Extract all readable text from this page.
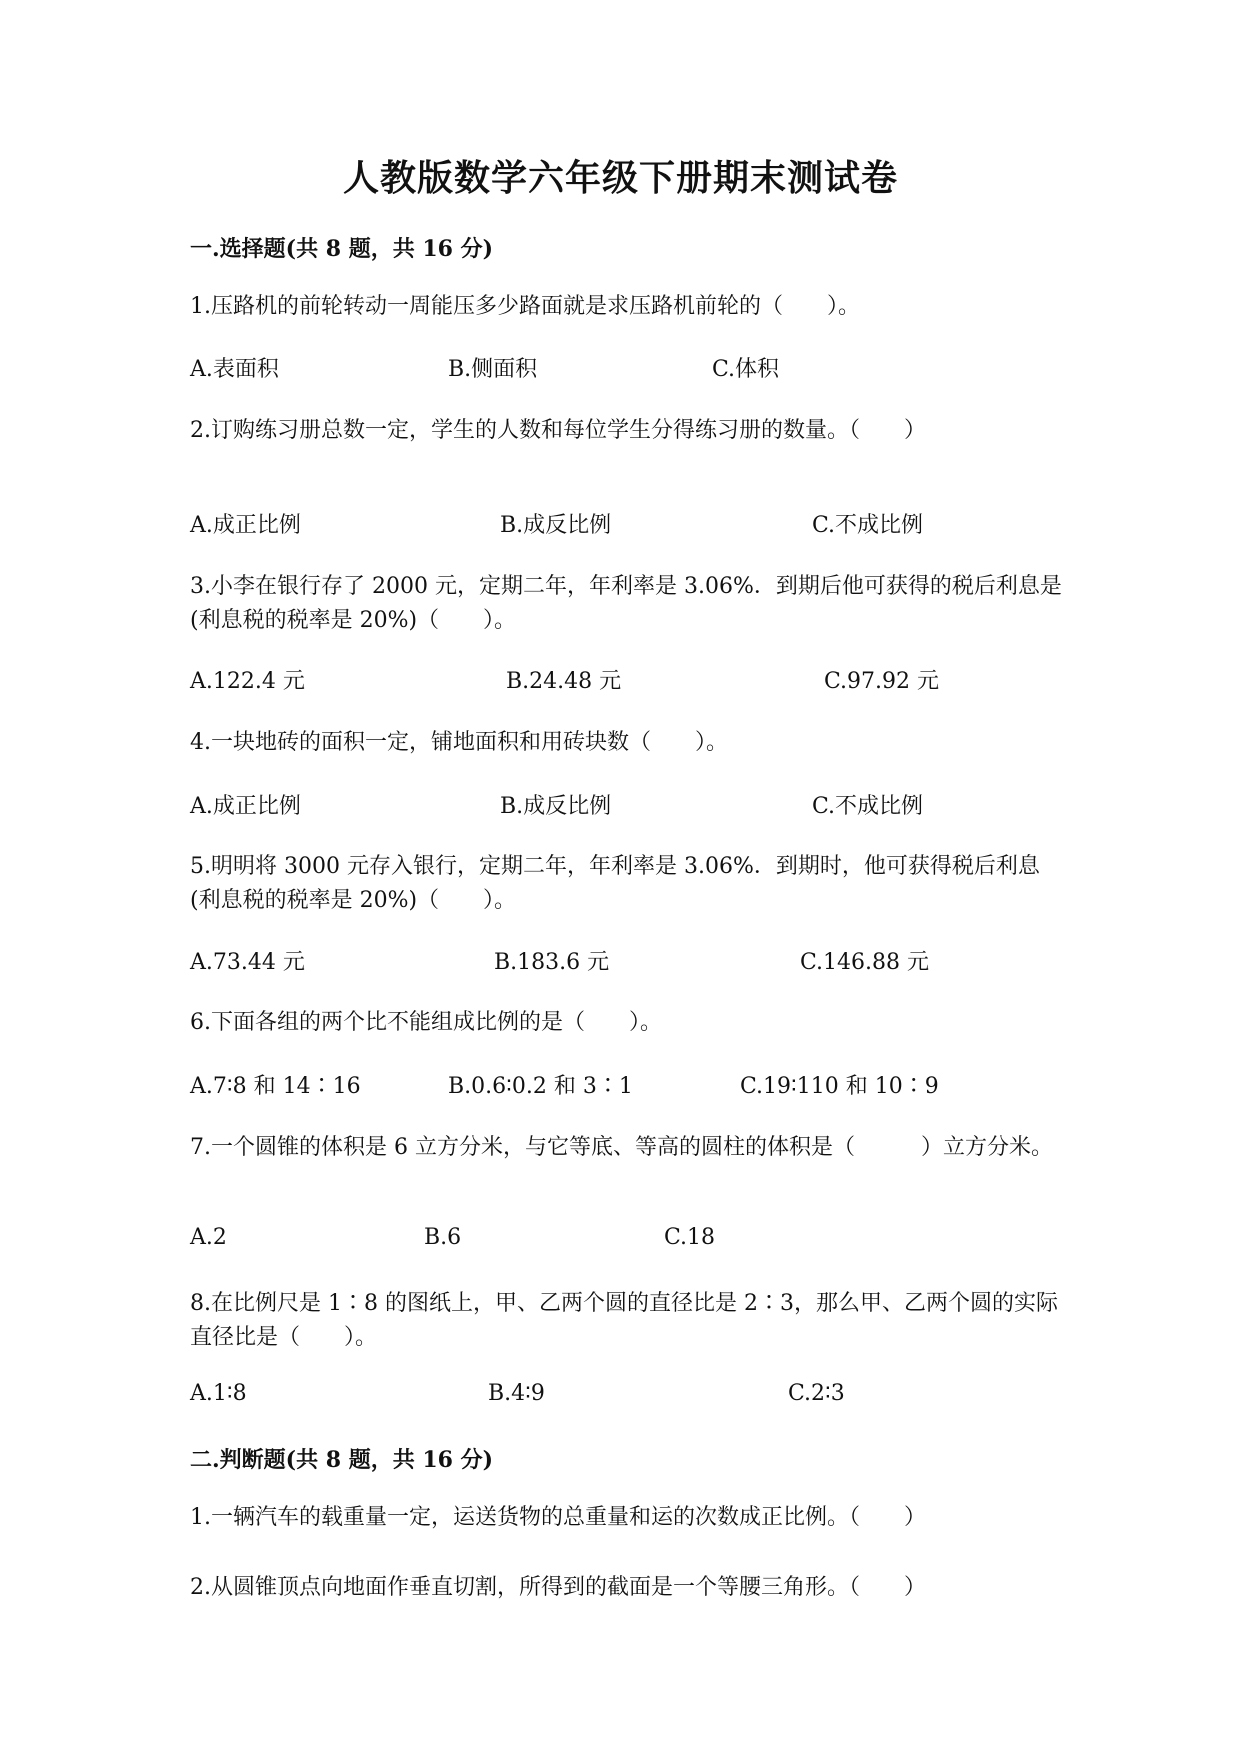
人教版数学六年级下册期末测试卷
一.选择题(共 8 题，共 16 分)
1.压路机的前轮转动一周能压多少路面就是求压路机前轮的（　　）。
A.表面积	B.侧面积	C.体积
2.订购练习册总数一定，学生的人数和每位学生分得练习册的数量。（　　）
A.成正比例	B.成反比例	C.不成比例
3.小李在银行存了 2000 元，定期二年，年利率是 3.06%．到期后他可获得的税后利息是(利息税的税率是 20%)（　　）。
A.122.4 元	B.24.48 元	C.97.92 元
4.一块地砖的面积一定，铺地面积和用砖块数（　　）。
A.成正比例	B.成反比例	C.不成比例
5.明明将 3000 元存入银行，定期二年，年利率是 3.06%．到期时，他可获得税后利息(利息税的税率是 20%)（　　）。
A.73.44 元	B.183.6 元	C.146.88 元
6.下面各组的两个比不能组成比例的是（　　）。
A.7∶8 和 14∶16	B.0.6∶0.2 和 3∶1	C.19∶110 和 10∶9
7.一个圆锥的体积是 6 立方分米，与它等底、等高的圆柱的体积是（　　　）立方分米。
A.2	B.6	C.18
8.在比例尺是 1∶8 的图纸上，甲、乙两个圆的直径比是 2∶3，那么甲、乙两个圆的实际直径比是（　　）。
A.1∶8	B.4∶9	C.2∶3
二.判断题(共 8 题，共 16 分)
1.一辆汽车的载重量一定，运送货物的总重量和运的次数成正比例。（　　）
2.从圆锥顶点向地面作垂直切割，所得到的截面是一个等腰三角形。（　　）
